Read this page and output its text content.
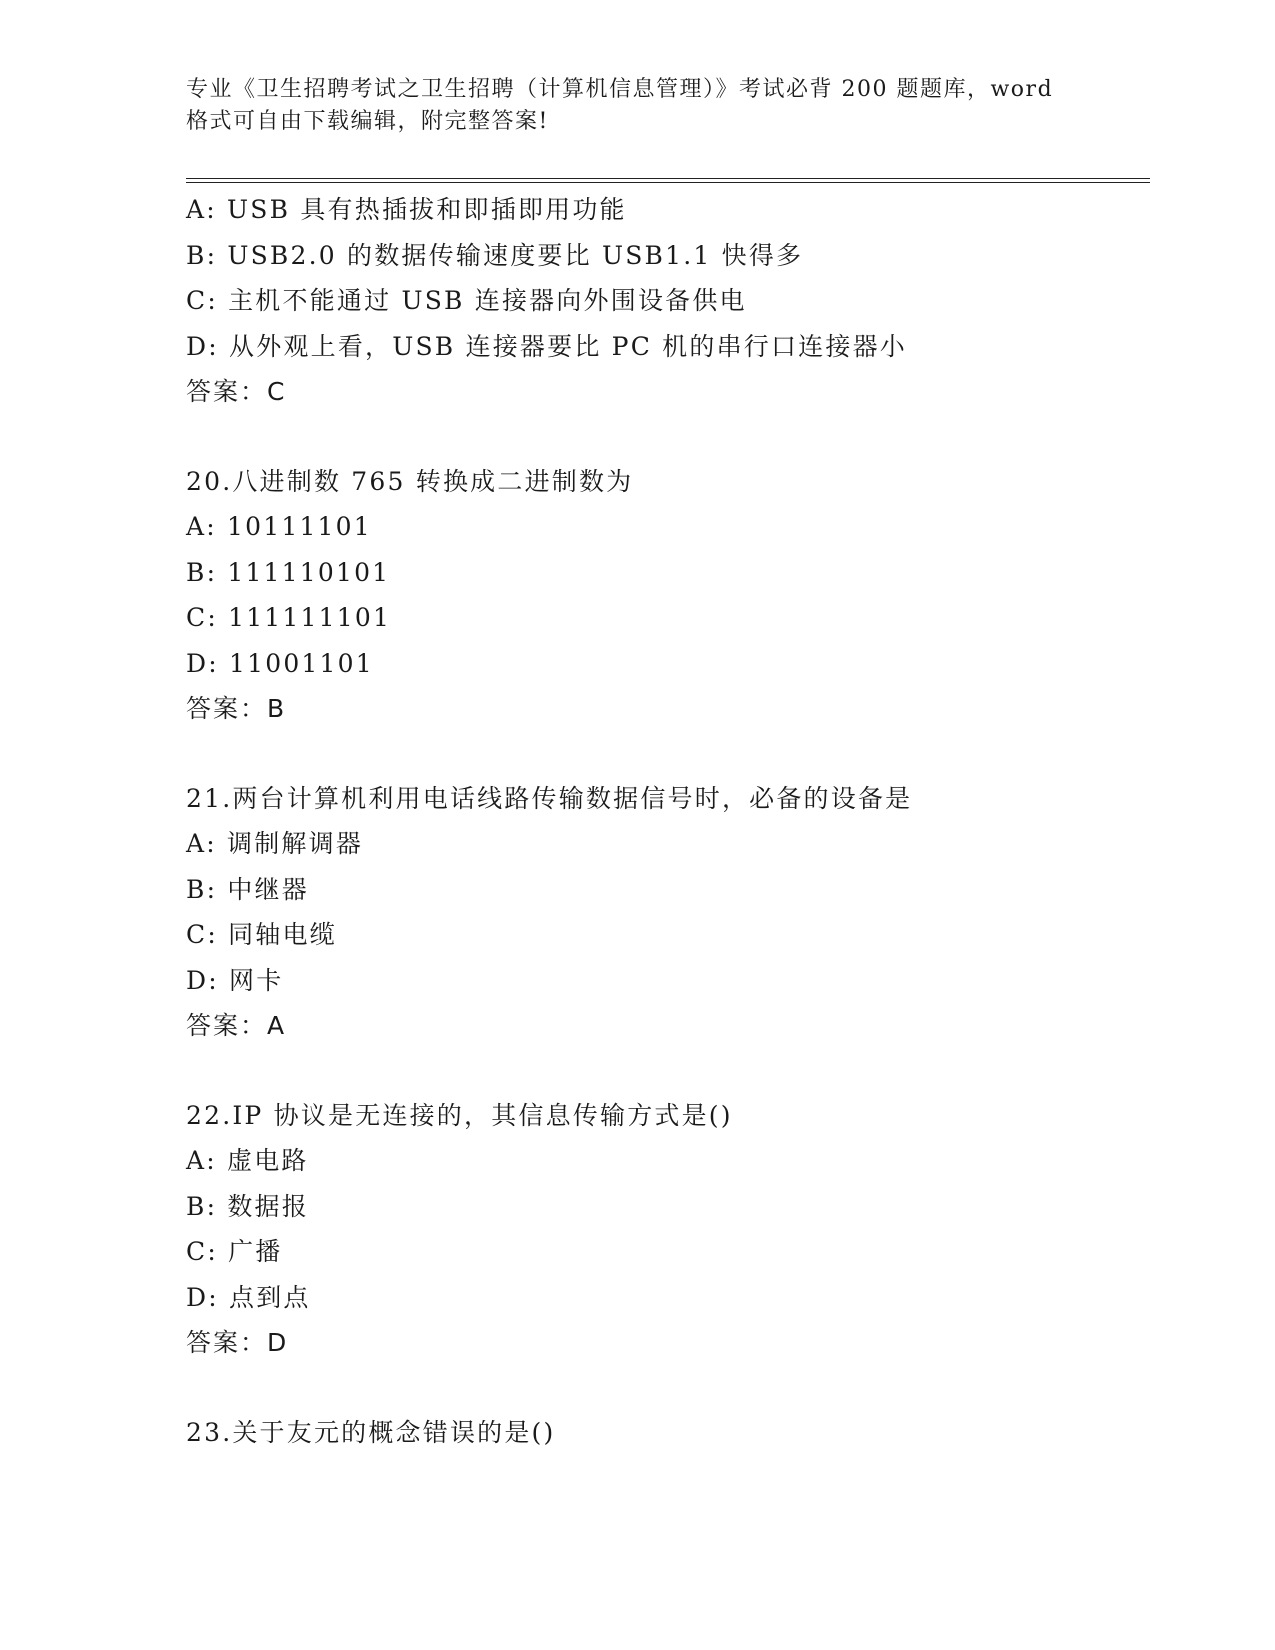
专业《卫生招聘考试之卫生招聘（计算机信息管理）》考试必背 200 题题库，word
格式可自由下载编辑，附完整答案!
A: USB 具有热插拔和即插即用功能
B: USB2.0 的数据传输速度要比 USB1.1 快得多
C: 主机不能通过 USB 连接器向外围设备供电
D: 从外观上看，USB 连接器要比 PC 机的串行口连接器小
答案：C
20.八进制数 765 转换成二进制数为
A: 10111101
B: 111110101
C: 111111101
D: 11001101
答案：B
21.两台计算机利用电话线路传输数据信号时，必备的设备是
A: 调制解调器
B: 中继器
C: 同轴电缆
D: 网卡
答案：A
22.IP 协议是无连接的，其信息传输方式是()
A: 虚电路
B: 数据报
C: 广播
D: 点到点
答案：D
23.关于友元的概念错误的是()
